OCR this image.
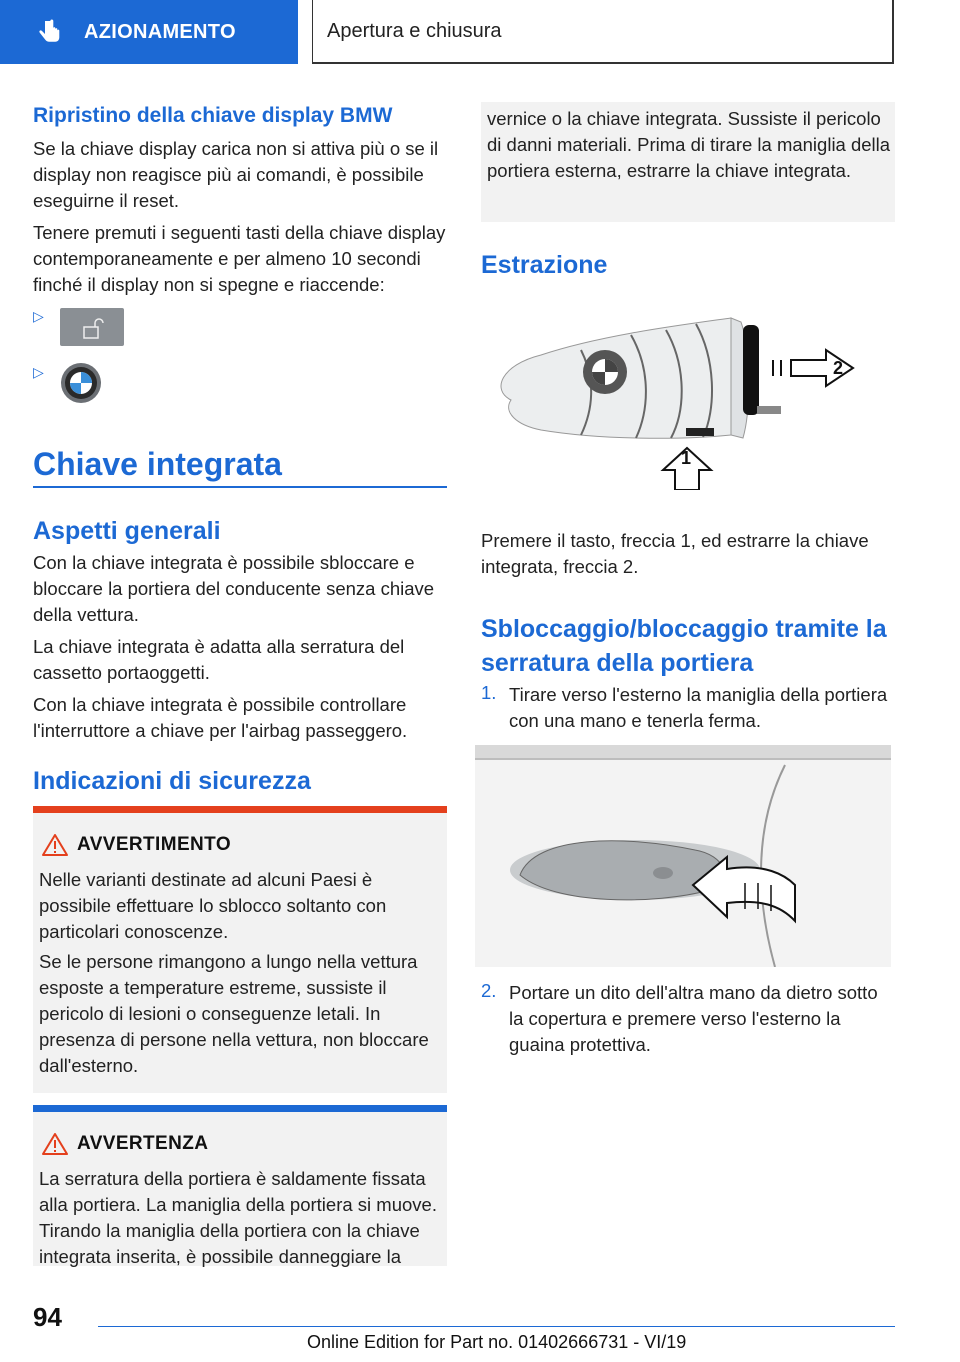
AZIONAMENTO	Apertura e chiusura
Ripristino della chiave display BMW

Se la chiave display carica non si attiva più o se il display non reagisce più ai comandi, è possibile eseguirne il reset.

Tenere premuti i seguenti tasti della chiave display contemporaneamente e per almeno 10 secondi finché il display non si spegne e riaccende:

▷
▷
Chiave integrata
Aspetti generali

Con la chiave integrata è possibile sbloccare e bloccare la portiera del conducente senza chiave della vettura.

La chiave integrata è adatta alla serratura del cassetto portaoggetti.

Con la chiave integrata è possibile controllare l'interruttore a chiave per l'airbag passeggero.

Indicazioni di sicurezza
AVVERTIMENTO

Nelle varianti destinate ad alcuni Paesi è possibile effettuare lo sblocco soltanto con particolari conoscenze.

Se le persone rimangono a lungo nella vettura esposte a temperature estreme, sussiste il pericolo di lesioni o conseguenze letali. In presenza di persone nella vettura, non bloccare dall'esterno.

AVVERTENZA

La serratura della portiera è saldamente fissata alla portiera. La maniglia della portiera si muove. Tirando la maniglia della portiera con la chiave integrata inserita, è possibile danneggiare la

vernice o la chiave integrata. Sussiste il pericolo di danni materiali. Prima di tirare la maniglia della portiera esterna, estrarre la chiave integrata.

Estrazione
2
1

Premere il tasto, freccia 1, ed estrarre la chiave integrata, freccia 2.

Sbloccaggio/bloccaggio tramite la serratura della portiera
1. Tirare verso l'esterno la maniglia della portiera con una mano e tenerla ferma.

2. Portare un dito dell'altra mano da dietro sotto la copertura e premere verso l'esterno la guaina protettiva.

94
Online Edition for Part no. 01402666731 - VI/19
